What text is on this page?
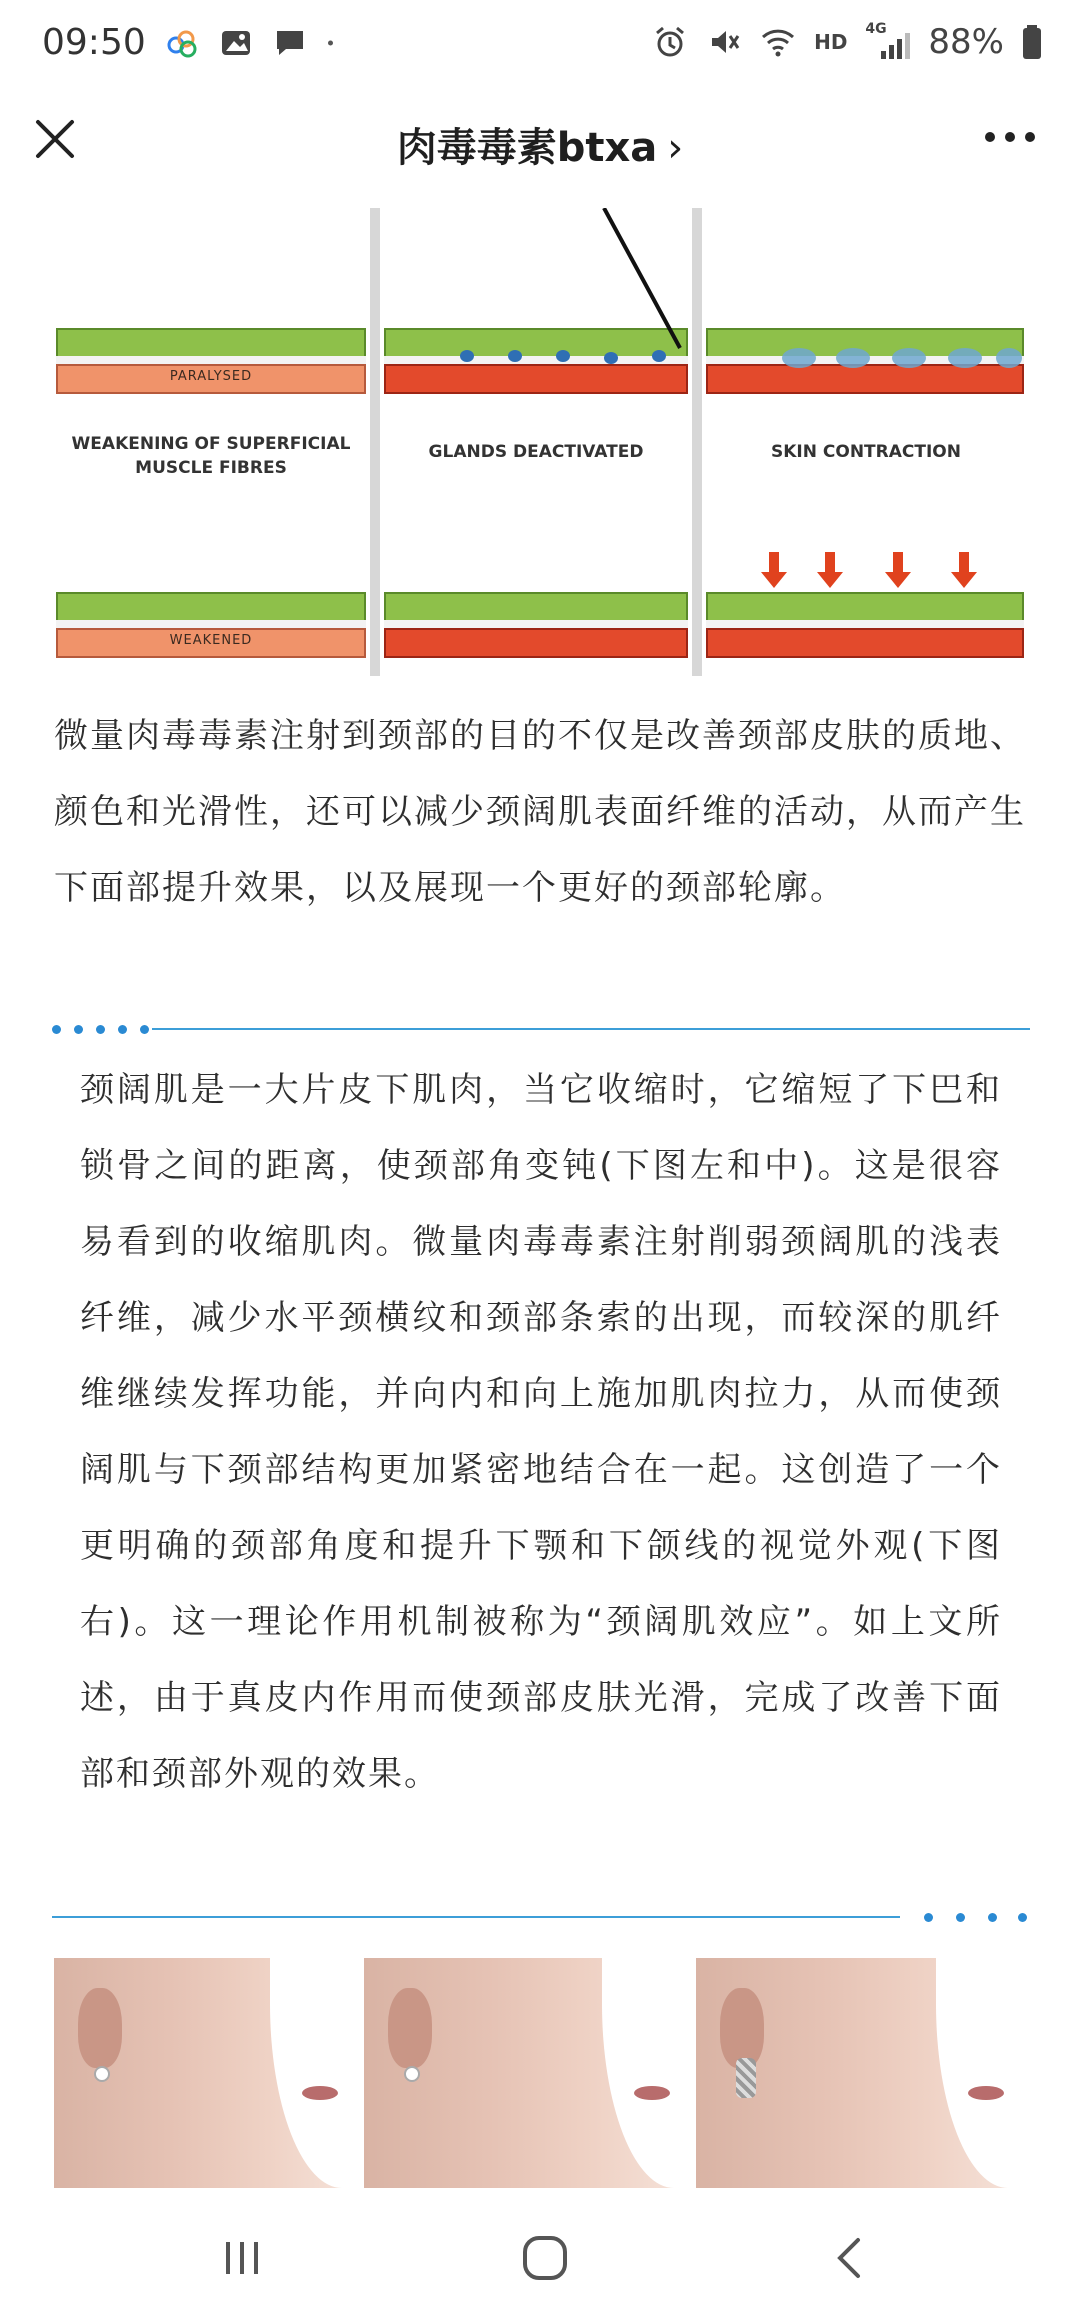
09:50	HD
4G 88%
肉毒毒素btxa ›
PARALYSED
WEAKENING OF SUPERFICIAL MUSCLE FIBRES
GLANDS DEACTIVATED	SKIN CONTRACTION
WEAKENED
微量肉毒毒素注射到颈部的目的不仅是改善颈部皮肤的质地、颜色和光滑性，还可以减少颈阔肌表面纤维的活动，从而产生下面部提升效果，以及展现一个更好的颈部轮廓。
颈阔肌是一大片皮下肌肉，当它收缩时，它缩短了下巴和锁骨之间的距离，使颈部角变钝(下图左和中)。这是很容易看到的收缩肌肉。微量肉毒毒素注射削弱颈阔肌的浅表纤维，减少水平颈横纹和颈部条索的出现，而较深的肌纤维继续发挥功能，并向内和向上施加肌肉拉力，从而使颈阔肌与下颈部结构更加紧密地结合在一起。这创造了一个更明确的颈部角度和提升下颚和下颌线的视觉外观(下图右)。这一理论作用机制被称为“颈阔肌效应”。如上文所述，由于真皮内作用而使颈部皮肤光滑，完成了改善下面部和颈部外观的效果。
